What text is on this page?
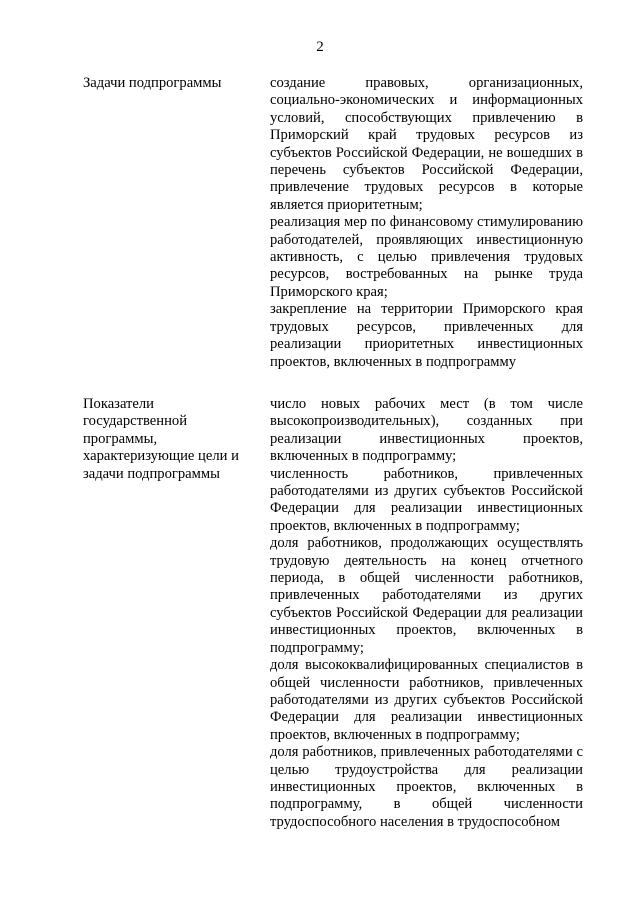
2
Задачи подпрограммы	создание правовых, организационных, социально-экономических и информационных условий, способствующих привлечению в Приморский край трудовых ресурсов из субъектов Российской Федерации, не вошедших в перечень субъектов Российской Федерации, привлечение трудовых ресурсов в которые является приоритетным;

реализация мер по финансовому стимулированию работодателей, проявляющих инвестиционную активность, с целью привлечения трудовых ресурсов, востребованных на рынке труда Приморского края;

закрепление на территории Приморского края трудовых ресурсов, привлеченных для реализации приоритетных инвестиционных проектов, включенных в подпрограмму

Показатели государственной программы, характеризующие цели и задачи подпрограммы

число новых рабочих мест (в том числе высокопроизводительных), созданных при реализации инвестиционных проектов, включенных в подпрограмму;

численность работников, привлеченных работодателями из других субъектов Российской Федерации для реализации инвестиционных проектов, включенных в подпрограмму;

доля работников, продолжающих осуществлять трудовую деятельность на конец отчетного периода, в общей численности работников, привлеченных работодателями из других субъектов Российской Федерации для реализации инвестиционных проектов, включенных в подпрограмму;

доля высококвалифицированных специалистов в общей численности работников, привлеченных работодателями из других субъектов Российской Федерации для реализации инвестиционных проектов, включенных в подпрограмму;

доля работников, привлеченных работодателями с целью трудоустройства для реализации инвестиционных проектов, включенных в подпрограмму, в общей численности трудоспособного населения в трудоспособном
